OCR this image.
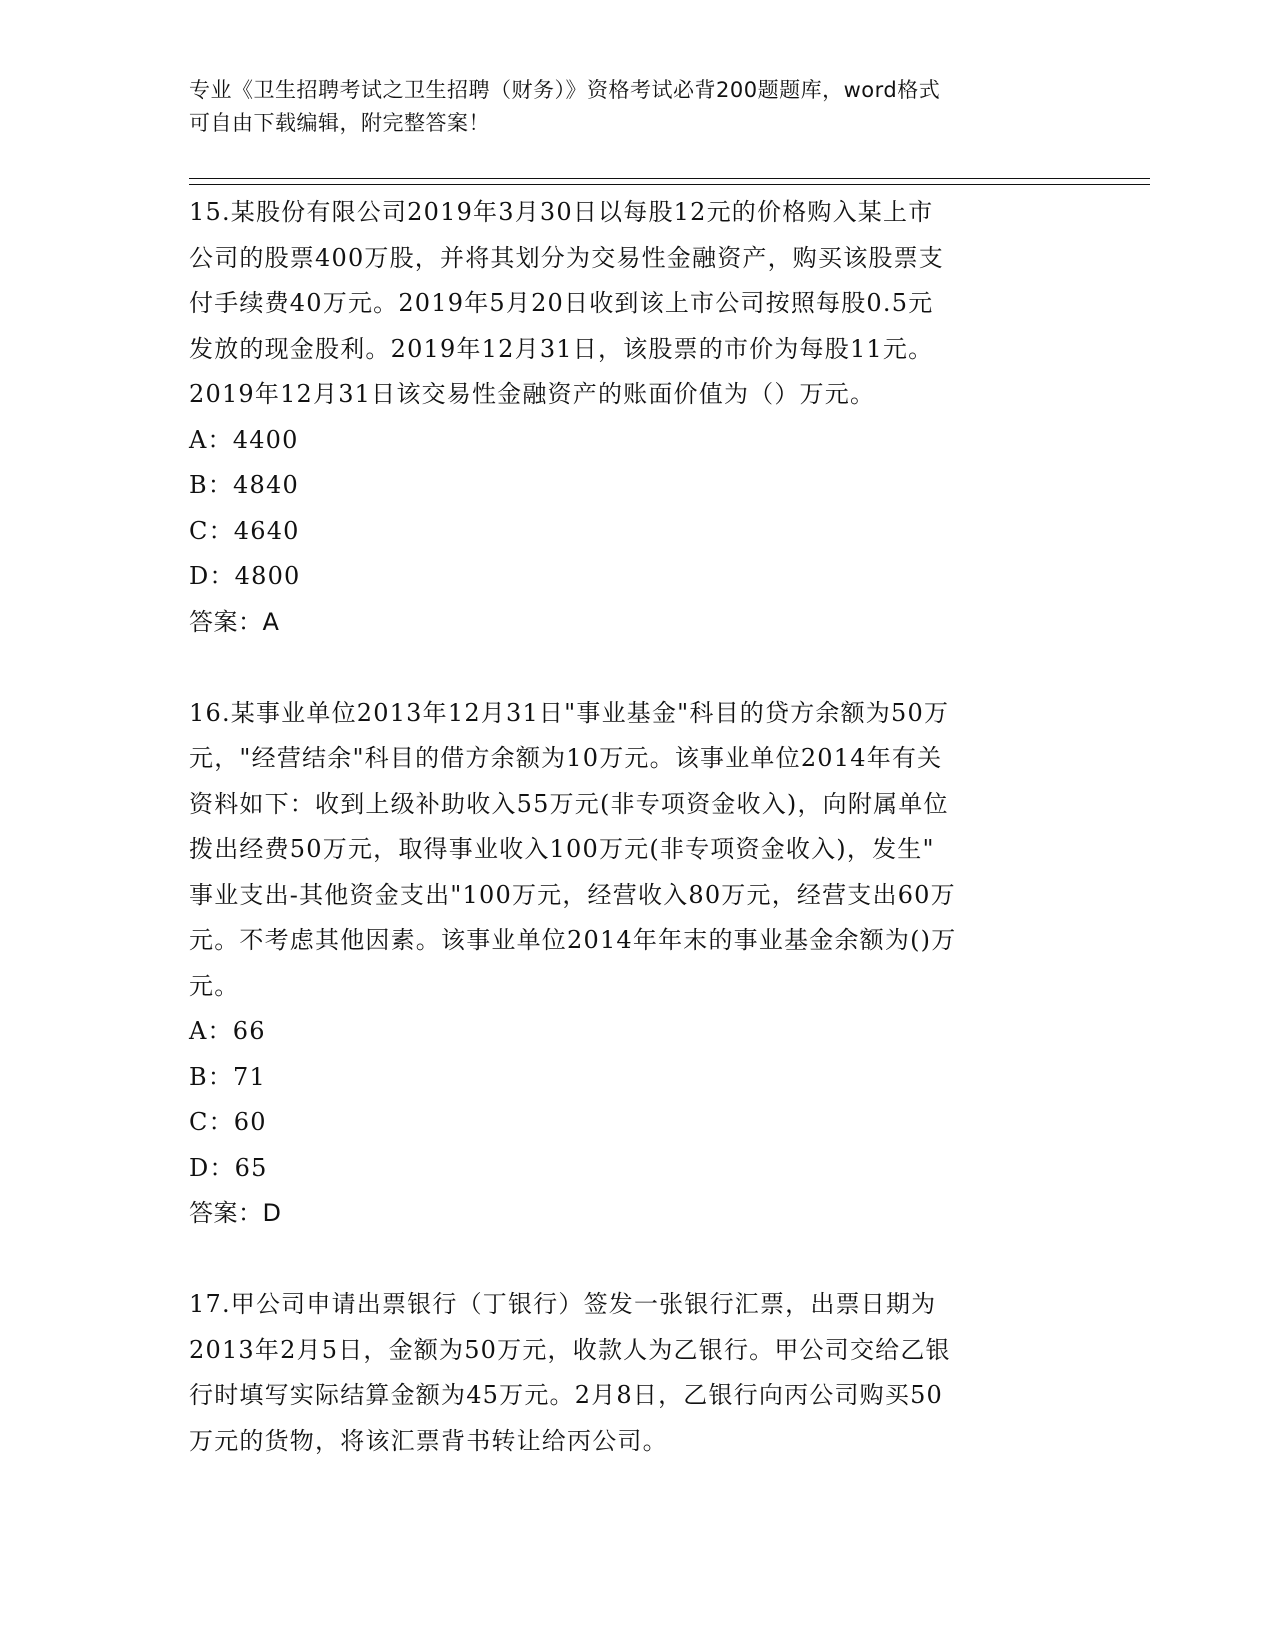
专业《卫生招聘考试之卫生招聘（财务）》资格考试必背200题题库，word格式
可自由下载编辑，附完整答案！
15.某股份有限公司2019年3月30日以每股12元的价格购入某上市
公司的股票400万股，并将其划分为交易性金融资产，购买该股票支
付手续费40万元。2019年5月20日收到该上市公司按照每股0.5元
发放的现金股利。2019年12月31日，该股票的市价为每股11元。
2019年12月31日该交易性金融资产的账面价值为（）万元。
A：4400
B：4840
C：4640
D：4800
答案：A
16.某事业单位2013年12月31日"事业基金"科目的贷方余额为50万
元，"经营结余"科目的借方余额为10万元。该事业单位2014年有关
资料如下：收到上级补助收入55万元(非专项资金收入)，向附属单位
拨出经费50万元，取得事业收入100万元(非专项资金收入)，发生"
事业支出-其他资金支出"100万元，经营收入80万元，经营支出60万
元。不考虑其他因素。该事业单位2014年年末的事业基金余额为()万
元。
A：66
B：71
C：60
D：65
答案：D
17.甲公司申请出票银行（丁银行）签发一张银行汇票，出票日期为
2013年2月5日，金额为50万元，收款人为乙银行。甲公司交给乙银
行时填写实际结算金额为45万元。2月8日，乙银行向丙公司购买50
万元的货物，将该汇票背书转让给丙公司。
